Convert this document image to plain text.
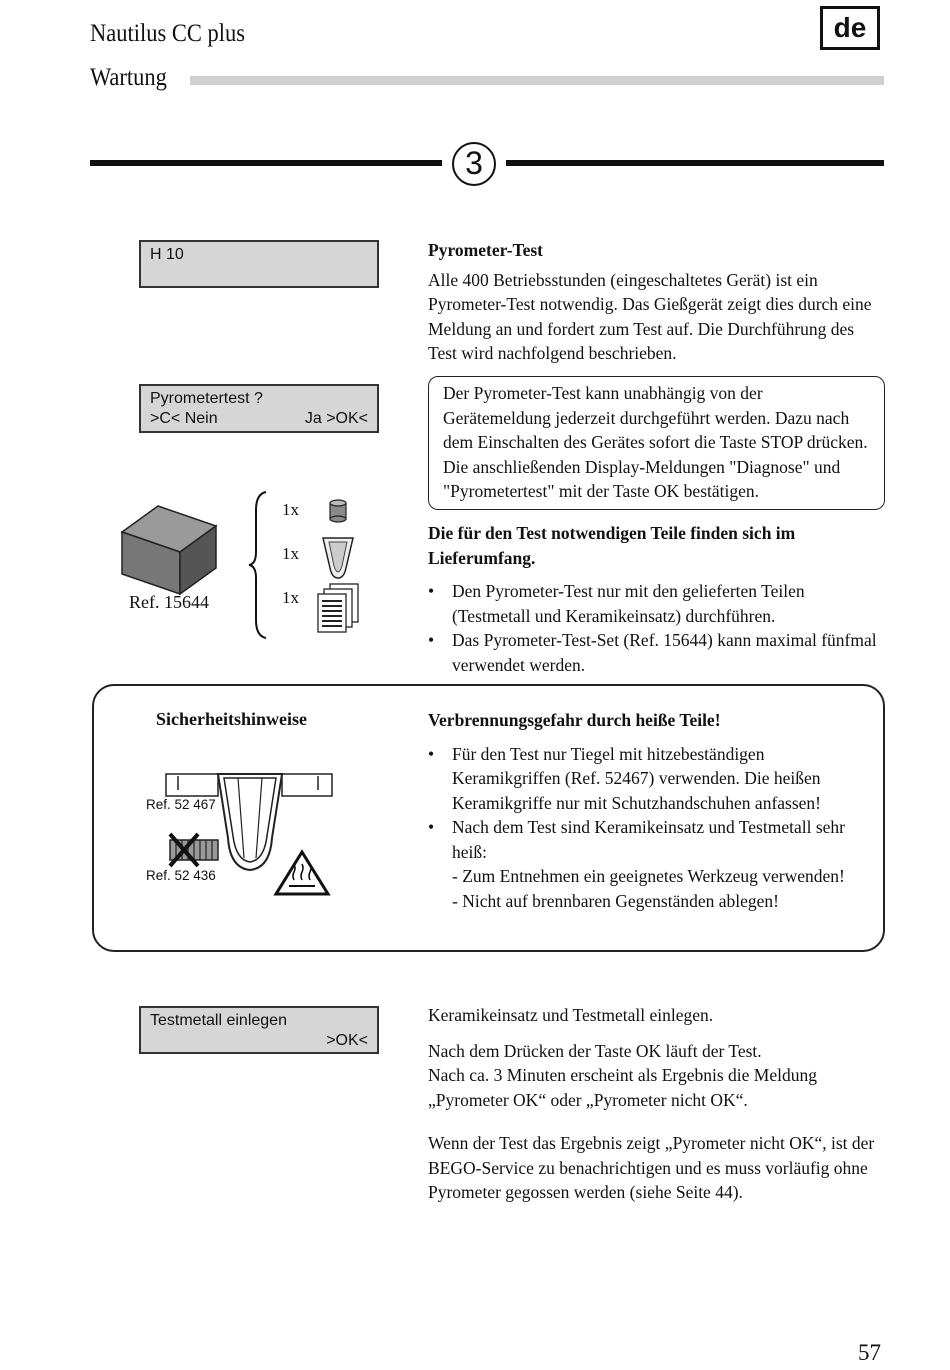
Nautilus CC plus
Wartung
de
3
H 10	Pyrometer-Test

Alle 400 Betriebsstunden (eingeschaltetes Gerät) ist ein Pyrometer-Test notwendig. Das Gießgerät zeigt dies durch eine Meldung an und fordert zum Test auf. Die Durchführung des Test wird nachfolgend beschrieben.

Pyrometertest ?
>C< Nein	Ja >OK<
Der Pyrometer-Test kann unabhängig von der Gerätemeldung jederzeit durchgeführt werden. Dazu nach dem Einschalten des Gerätes sofort die Taste STOP drücken. Die anschließenden Display-Meldungen "Diagnose" und "Pyrometertest" mit der Taste OK bestätigen.
Ref. 15644
1x
1x
1x

Die für den Test notwendigen Teile finden sich im Lieferumfang.

• Den Pyrometer-Test nur mit den gelieferten Teilen (Testmetall und Keramikeinsatz) durchführen.
• Das Pyrometer-Test-Set (Ref. 15644) kann maximal fünfmal verwendet werden.
Sicherheitshinweise
Ref. 52 467
Ref. 52 436

Verbrennungsgefahr durch heiße Teile!

• Für den Test nur Tiegel mit hitzebeständigen Keramikgriffen (Ref. 52467) verwenden. Die heißen Keramikgriffe nur mit Schutzhandschuhen anfassen!
• Nach dem Test sind Keramikeinsatz und Testmetall sehr heiß:
- Zum Entnehmen ein geeignetes Werkzeug verwenden!
- Nicht auf brennbaren Gegenständen ablegen!
Testmetall einlegen
>OK<

Keramikeinsatz und Testmetall einlegen.

Nach dem Drücken der Taste OK läuft der Test.

Nach ca. 3 Minuten erscheint als Ergebnis die Meldung „Pyrometer OK“ oder „Pyrometer nicht OK“.

Wenn der Test das Ergebnis zeigt „Pyrometer nicht OK“, ist der BEGO-Service zu benachrichtigen und es muss vorläufig ohne Pyrometer gegossen werden (siehe Seite 44).

57
